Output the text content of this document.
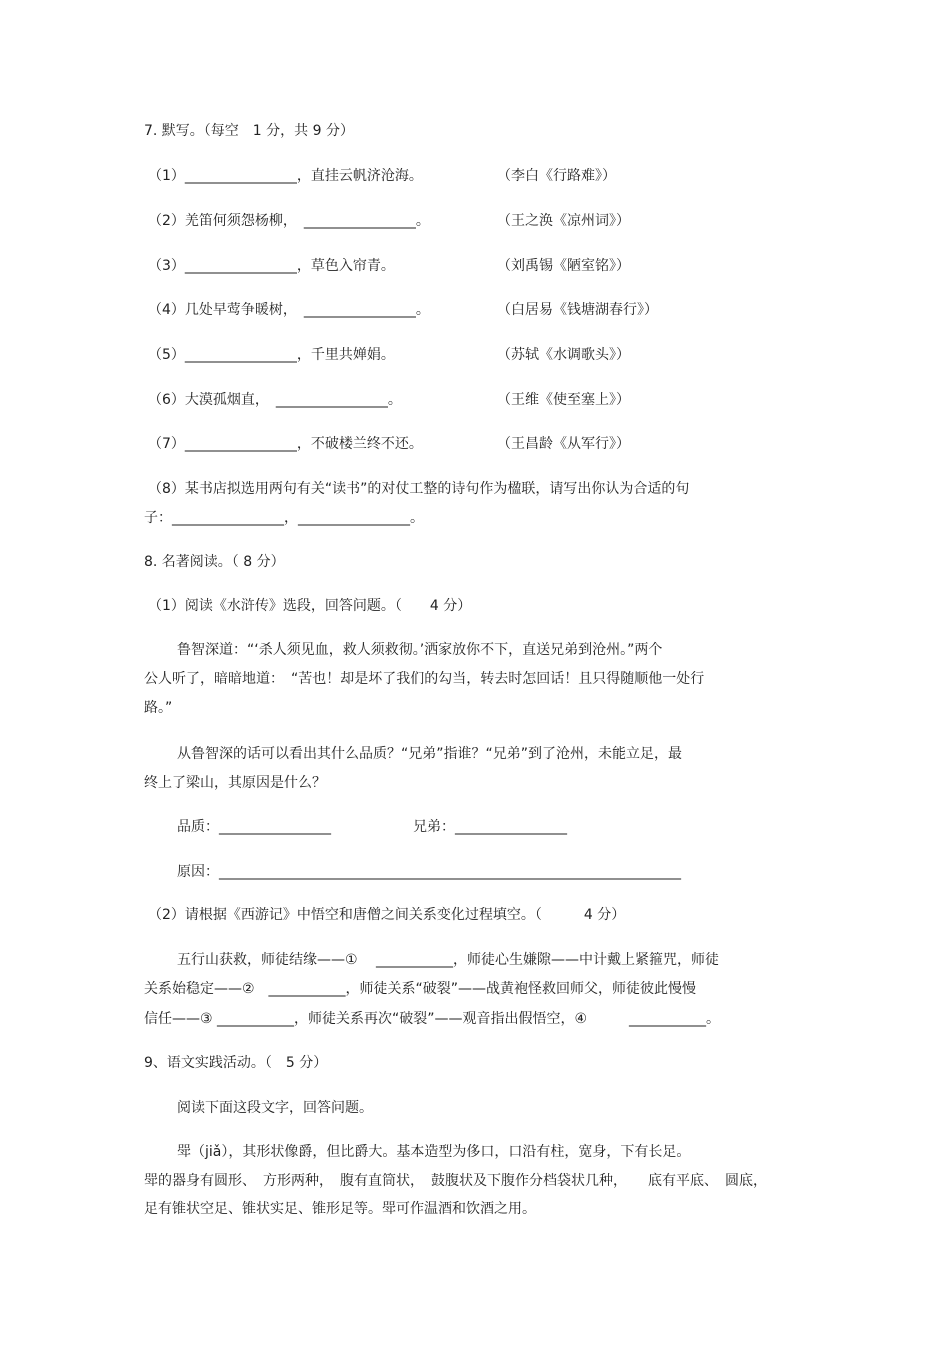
7. 默写。（每空　1 分，共 9 分）
（1）________________，直挂云帆济沧海。	（李白《行路难》）
（2）羌笛何须怨杨柳，　________________。	（王之涣《凉州词》）
（3）________________，草色入帘青。	（刘禹锡《陋室铭》）
（4）几处早莺争暖树，　________________。	（白居易《钱塘湖春行》）
（5）________________，千里共婵娟。	（苏轼《水调歌头》）
（6）大漠孤烟直，　________________。	（王维《使至塞上》）
（7）________________，不破楼兰终不还。	（王昌龄《从军行》）
（8）某书店拟选用两句有关“读书”的对仗工整的诗句作为楹联，请写出你认为合适的句
子：________________，________________。
8. 名著阅读。（ 8 分）
（1）阅读《水浒传》选段，回答问题。（　　4 分）
鲁智深道：“‘杀人须见血，救人须救彻。’洒家放你不下，直送兄弟到沧州。”两个
公人听了，暗暗地道：　“苦也！却是坏了我们的勾当，转去时怎回话！且只得随顺他一处行
路。”
从鲁智深的话可以看出其什么品质？“兄弟”指谁？“兄弟”到了沧州，未能立足，最
终上了梁山，其原因是什么？
品质：________________	兄弟：________________
原因：__________________________________________________________________
（2）请根据《西游记》中悟空和唐僧之间关系变化过程填空。（　　　4 分）
五行山获救，师徒结缘——①　 ___________，师徒心生嫌隙——中计戴上紧箍咒，师徒
关系始稳定——②　___________，师徒关系“破裂”——战黄袍怪救回师父，师徒彼此慢慢
信任——③ ___________，师徒关系再次“破裂”——观音指出假悟空，④　　　___________。
9、语文实践活动。（　5 分）
阅读下面这段文字，回答问题。
斝（jiǎ），其形状像爵，但比爵大。基本造型为侈口，口沿有柱，宽身，下有长足。
斝的器身有圆形、　方形两种，　腹有直筒状，　鼓腹状及下腹作分档袋状几种，　　底有平底、　圆底，
足有锥状空足、锥状实足、锥形足等。斝可作温酒和饮酒之用。
